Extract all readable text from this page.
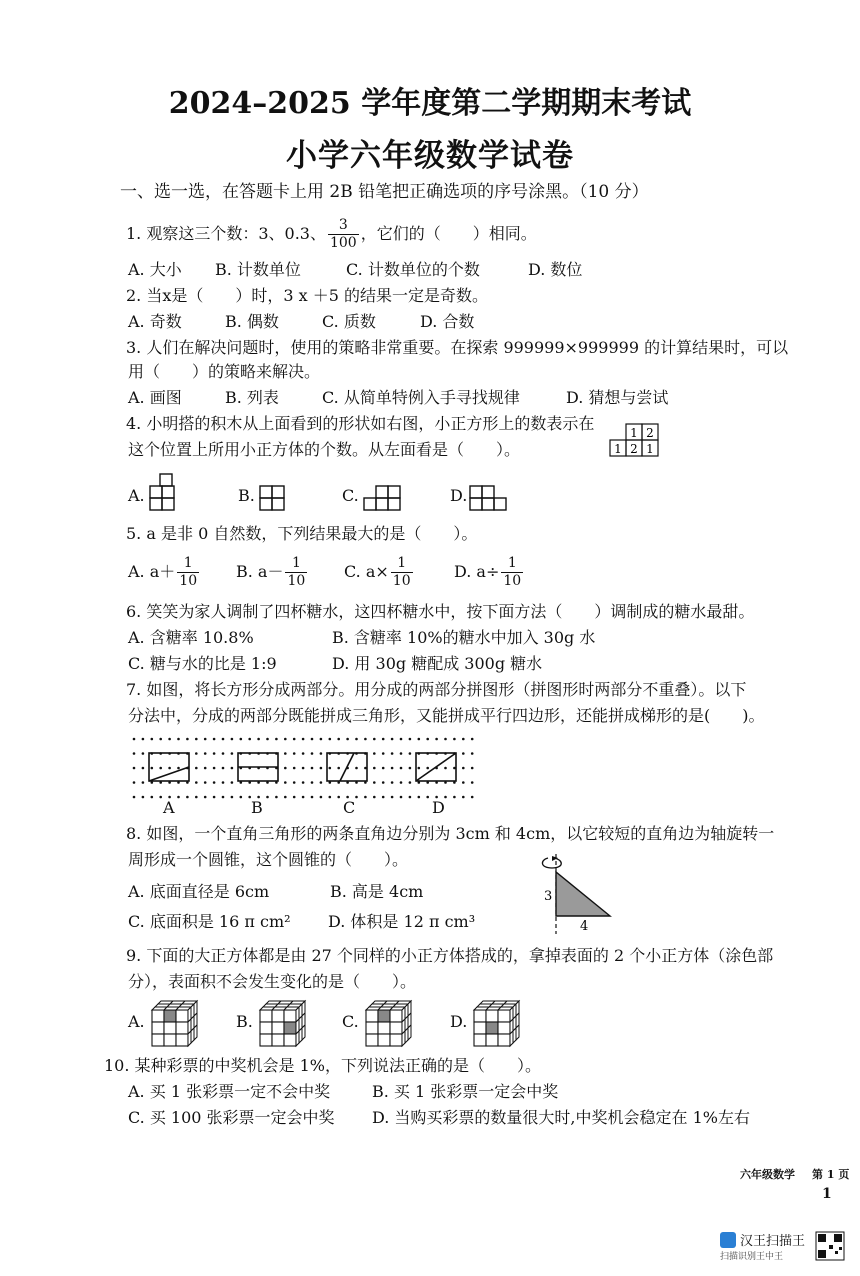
2024–2025 学年度第二学期期末考试
小学六年级数学试卷
一、选一选，在答题卡上用 2B 铅笔把正确选项的序号涂黑。（10 分）
1. 观察这三个数：3、0.3、 $\frac{3}{100}$ ，它们的（　　）相同。
A. 大小 B. 计数单位	C. 计数单位的个数	D. 数位
2. 当x是（　　）时，3 x ＋5 的结果一定是奇数。
A. 奇数	B. 偶数	C. 质数	D. 合数
3. 人们在解决问题时，使用的策略非常重要。在探索 999999×999999 的计算结果时，可以
用（　　）的策略来解决。
A. 画图	B. 列表	C. 从简单特例入手寻找规律	D. 猜想与尝试
4. 小明搭的积木从上面看到的形状如右图，小正方形上的数表示在
这个位置上所用小正方体的个数。从左面看是（　　）。
1 2
1 2 1
A.	B.	C.	D.
5. a 是非 0 自然数，下列结果最大的是（　　）。
A. $a+ \frac{1}{10} B$. $a- \frac{1}{10} C$. $a\times \frac{1}{10}$	D. $a\div \frac{1}{10}$
6. 笑笑为家人调制了四杯糖水，这四杯糖水中，按下面方法（　　）调制成的糖水最甜。
A. 含糖率 10.8%	B. 含糖率 10%的糖水中加入 30g 水
C. 糖与水的比是 1:9	D. 用 30g 糖配成 300g 糖水
7. 如图，将长方形分成两部分。用分成的两部分拼图形（拼图形时两部分不重叠）。以下
分法中，分成的两部分既能拼成三角形，又能拼成平行四边形，还能拼成梯形的是(　　)。
A	B	C	D
8. 如图，一个直角三角形的两条直角边分别为 3cm 和 4cm，以它较短的直角边为轴旋转一
周形成一个圆锥，这个圆锥的（　　）。
A. 底面直径是 6cm	B. 高是 4cm
C. 底面积是 16 π cm² D. 体积是 12 π cm³
3
4
9. 下面的大正方体都是由 27 个同样的小正方体搭成的，拿掉表面的 2 个小正方体（涂色部
分），表面积不会发生变化的是（　　）。
A.	B.	C.	D.
10. 某种彩票的中奖机会是 1%，下列说法正确的是（　　）。
A. 买 1 张彩票一定不会中奖	B. 买 1 张彩票一定会中奖
C. 买 100 张彩票一定会中奖 D. 当购买彩票的数量很大时,中奖机会稳定在 1%左右
六年级数学 第 1 页
1
汉王扫描王
扫描识别王中王
